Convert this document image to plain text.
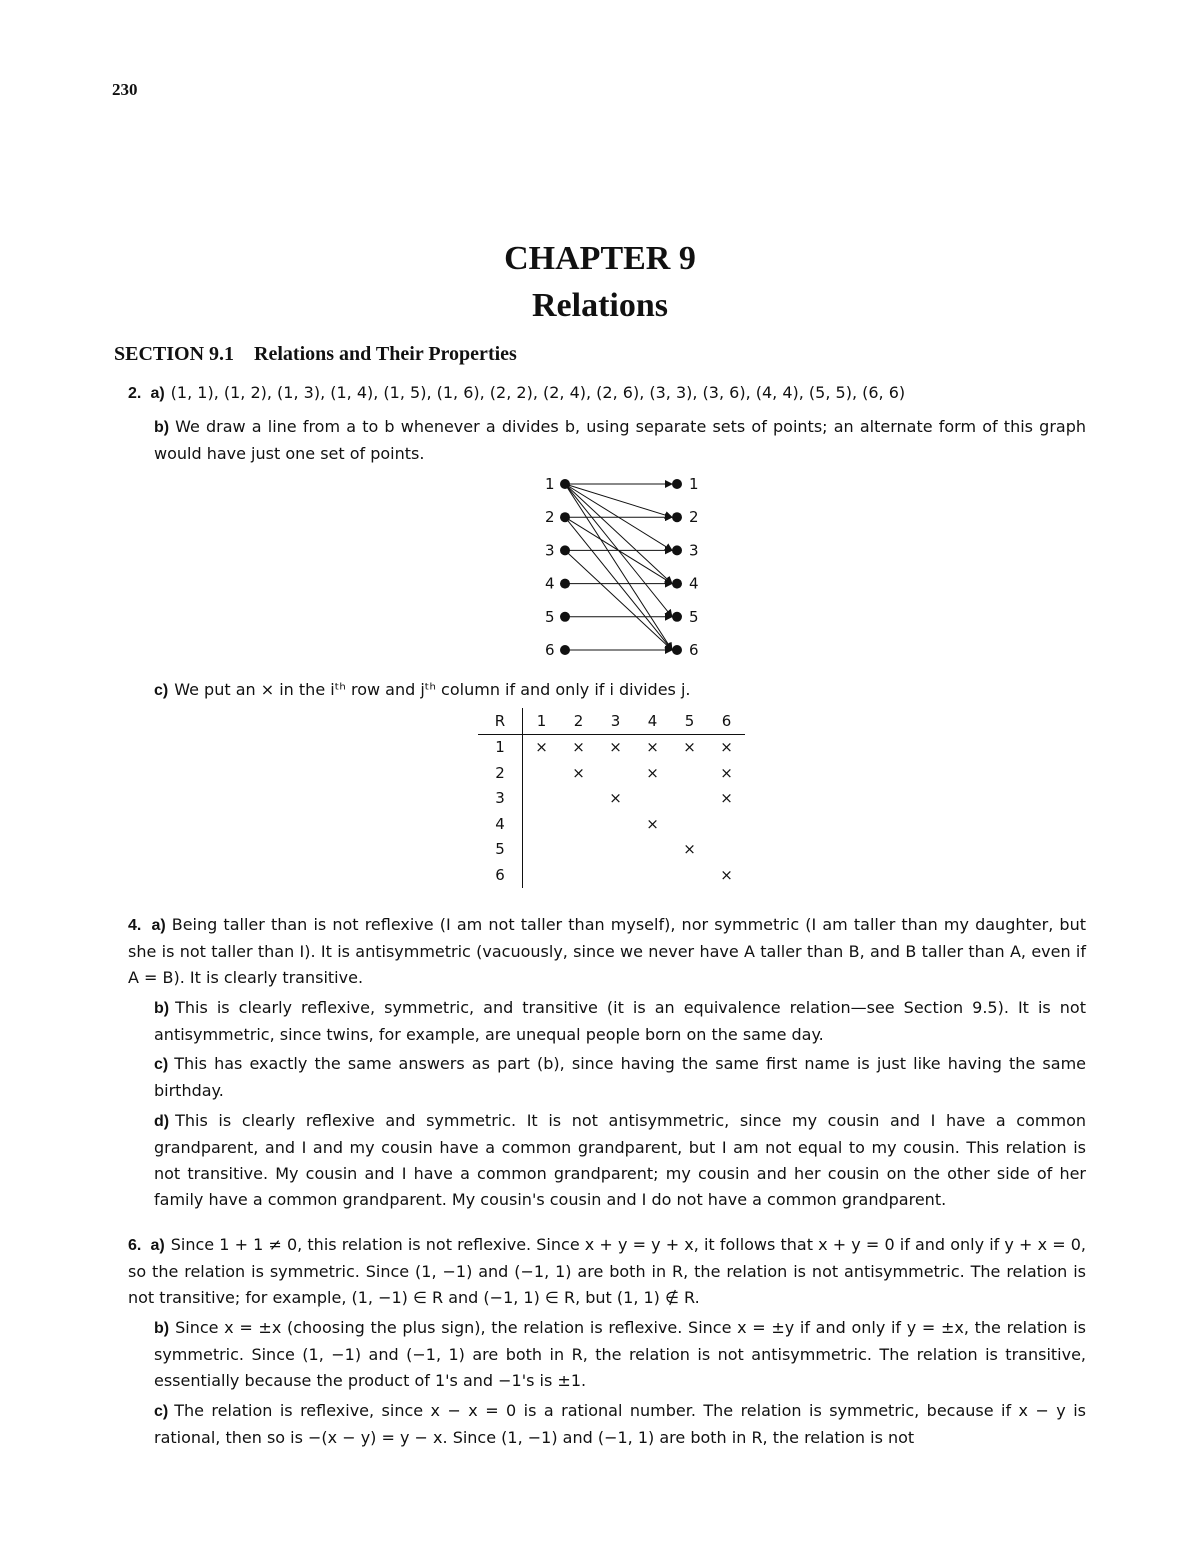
230
CHAPTER 9
Relations
SECTION 9.1 Relations and Their Properties
2. a) (1, 1), (1, 2), (1, 3), (1, 4), (1, 5), (1, 6), (2, 2), (2, 4), (2, 6), (3, 3), (3, 6), (4, 4), (5, 5), (6, 6)
b) We draw a line from a to b whenever a divides b, using separate sets of points; an alternate form of this graph would have just one set of points.
1
2
3
4
5
6
1
2
3
4
5
6
c) We put an × in the iᵗʰ row and jᵗʰ column if and only if i divides j.
R	1	2	3	4	5	6
1	×	×	×	×	×	×
2		×		×		×
3			×			×
4				×		
5					×	
6						×
4. a) Being taller than is not reflexive (I am not taller than myself), nor symmetric (I am taller than my daughter, but she is not taller than I). It is antisymmetric (vacuously, since we never have A taller than B, and B taller than A, even if A = B). It is clearly transitive.
b) This is clearly reflexive, symmetric, and transitive (it is an equivalence relation—see Section 9.5). It is not antisymmetric, since twins, for example, are unequal people born on the same day.
c) This has exactly the same answers as part (b), since having the same first name is just like having the same birthday.
d) This is clearly reflexive and symmetric. It is not antisymmetric, since my cousin and I have a common grandparent, and I and my cousin have a common grandparent, but I am not equal to my cousin. This relation is not transitive. My cousin and I have a common grandparent; my cousin and her cousin on the other side of her family have a common grandparent. My cousin's cousin and I do not have a common grandparent.
6. a) Since 1 + 1 ≠ 0, this relation is not reflexive. Since x + y = y + x, it follows that x + y = 0 if and only if y + x = 0, so the relation is symmetric. Since (1, −1) and (−1, 1) are both in R, the relation is not antisymmetric. The relation is not transitive; for example, (1, −1) ∈ R and (−1, 1) ∈ R, but (1, 1) ∉ R.
b) Since x = ±x (choosing the plus sign), the relation is reflexive. Since x = ±y if and only if y = ±x, the relation is symmetric. Since (1, −1) and (−1, 1) are both in R, the relation is not antisymmetric. The relation is transitive, essentially because the product of 1's and −1's is ±1.
c) The relation is reflexive, since x − x = 0 is a rational number. The relation is symmetric, because if x − y is rational, then so is −(x − y) = y − x. Since (1, −1) and (−1, 1) are both in R, the relation is not
